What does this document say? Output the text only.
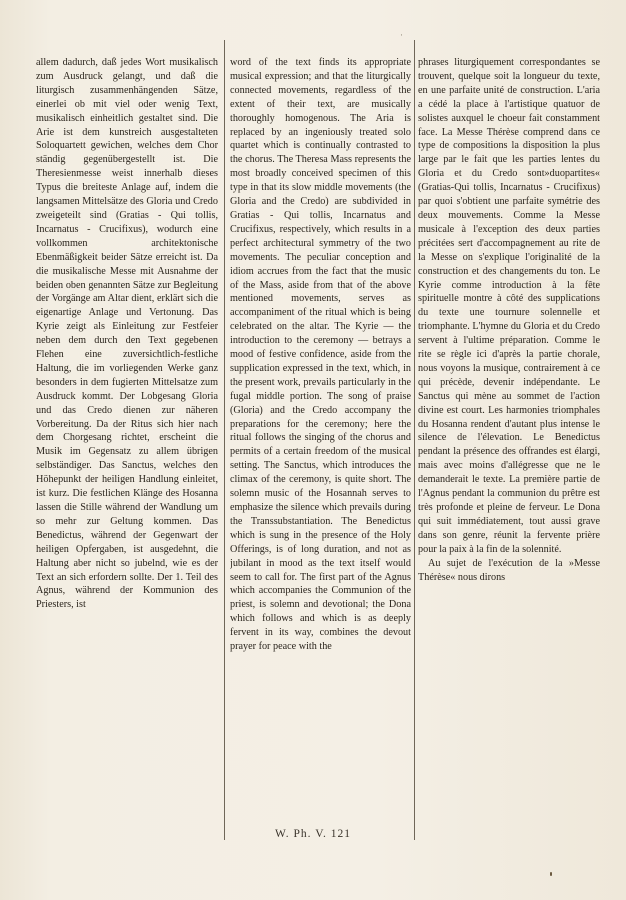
·

allem dadurch, daß jedes Wort musikalisch zum Ausdruck gelangt, und daß die liturgisch zusammenhängenden Sätze, einerlei ob mit viel oder wenig Text, musikalisch einheitlich gestaltet sind. Die Arie ist dem kunstreich ausgestalteten Soloquartett gewichen, welches dem Chor ständig gegenübergestellt ist. Die Theresienmesse weist innerhalb dieses Typus die breiteste Anlage auf, indem die langsamen Mittelsätze des Gloria und Credo zweigeteilt sind (Gratias - Qui tollis, Incarnatus - Crucifixus), wodurch eine vollkommen architektonische Ebenmäßigkeit beider Sätze erreicht ist. Da die musikalische Messe mit Ausnahme der beiden oben genannten Sätze zur Begleitung der Vorgänge am Altar dient, erklärt sich die eigenartige Anlage und Vertonung. Das Kyrie zeigt als Einleitung zur Festfeier neben dem durch den Text gegebenen Flehen eine zuversichtlich-festliche Haltung, die im vorliegenden Werke ganz besonders in dem fugierten Mittelsatze zum Ausdruck kommt. Der Lobgesang Gloria und das Credo dienen zur näheren Vorbereitung. Da der Ritus sich hier nach dem Chorgesang richtet, erscheint die Musik im Gegensatz zu allem übrigen selbständiger. Das Sanctus, welches den Höhepunkt der heiligen Handlung einleitet, ist kurz. Die festlichen Klänge des Hosanna lassen die Stille während der Wandlung um so mehr zur Geltung kommen. Das Benedictus, während der Gegenwart der heiligen Opfergaben, ist ausgedehnt, die Haltung aber nicht so jubelnd, wie es der Text an sich erfordern sollte. Der 1. Teil des Agnus, während der Kommunion des Priesters, ist

word of the text finds its appropriate musical expression; and that the liturgically connected movements, regardless of the extent of their text, are musically thoroughly homogenous. The Aria is replaced by an ingeniously treated solo quartet which is continually contrasted to the chorus. The Theresa Mass represents the most broadly conceived specimen of this type in that its slow middle movements (the Gloria and the Credo) are subdivided in Gratias - Qui tollis, Incarnatus and Crucifixus, respectively, which results in a perfect architectural symmetry of the two movements. The peculiar conception and idiom accrues from the fact that the music of the Mass, aside from that of the above mentioned movements, serves as accompaniment of the ritual which is being celebrated on the altar. The Kyrie — the introduction to the ceremony — betrays a mood of festive confidence, aside from the supplication expressed in the text, which, in the present work, prevails particularly in the fugal middle portion. The song of praise (Gloria) and the Credo accompany the preparations for the ceremony; here the ritual follows the singing of the chorus and permits of a certain freedom of the musical setting. The Sanctus, which introduces the climax of the ceremony, is quite short. The solemn music of the Hosannah serves to emphasize the silence which prevails during the Transsubstantiation. The Benedictus which is sung in the presence of the Holy Offerings, is of long duration, and not as jubilant in mood as the text itself would seem to call for. The first part of the Agnus which accompanies the Communion of the priest, is solemn and devotional; the Dona which follows and which is as deeply fervent in its way, combines the devout prayer for peace with the

phrases liturgiquement correspondantes se trouvent, quelque soit la longueur du texte, en une parfaite unité de construction. L'aria a cédé la place à l'artistique quatuor de solistes auxquel le choeur fait constamment face. La Messe Thérèse comprend dans ce type de compositions la disposition la plus large par le fait que les parties lentes du Gloria et du Credo sont»duopartites« (Gratias-Qui tollis, Incarnatus - Crucifixus) par quoi s'obtient une parfaite symétrie des deux mouvements. Comme la Messe musicale à l'exception des deux parties précitées sert d'accompagnement au rite de la Messe on s'explique l'originalité de la construction et des changements du ton. Le Kyrie comme introduction à la fête spirituelle montre à côté des supplications du texte une tournure solennelle et triomphante. L'hymne du Gloria et du Credo servent à l'ultime préparation. Comme le rite se règle ici d'après la partie chorale, nous voyons la musique, contrairement à ce qui précède, devenir indépendante. Le Sanctus qui mène au sommet de l'action divine est court. Les harmonies triomphales du Hosanna rendent d'autant plus intense le silence de l'élevation. Le Benedictus pendant la présence des offrandes est élargi, mais avec moins d'allégresse que ne le demanderait le texte. La première partie de l'Agnus pendant la communion du prêtre est très profonde et pleine de ferveur. Le Dona qui suit immédiatement, tout aussi grave dans son genre, réunit la fervente prière pour la paix à la fin de la solennité.

Au sujet de l'exécution de la »Messe Thérèse« nous dirons

W. Ph. V. 121
